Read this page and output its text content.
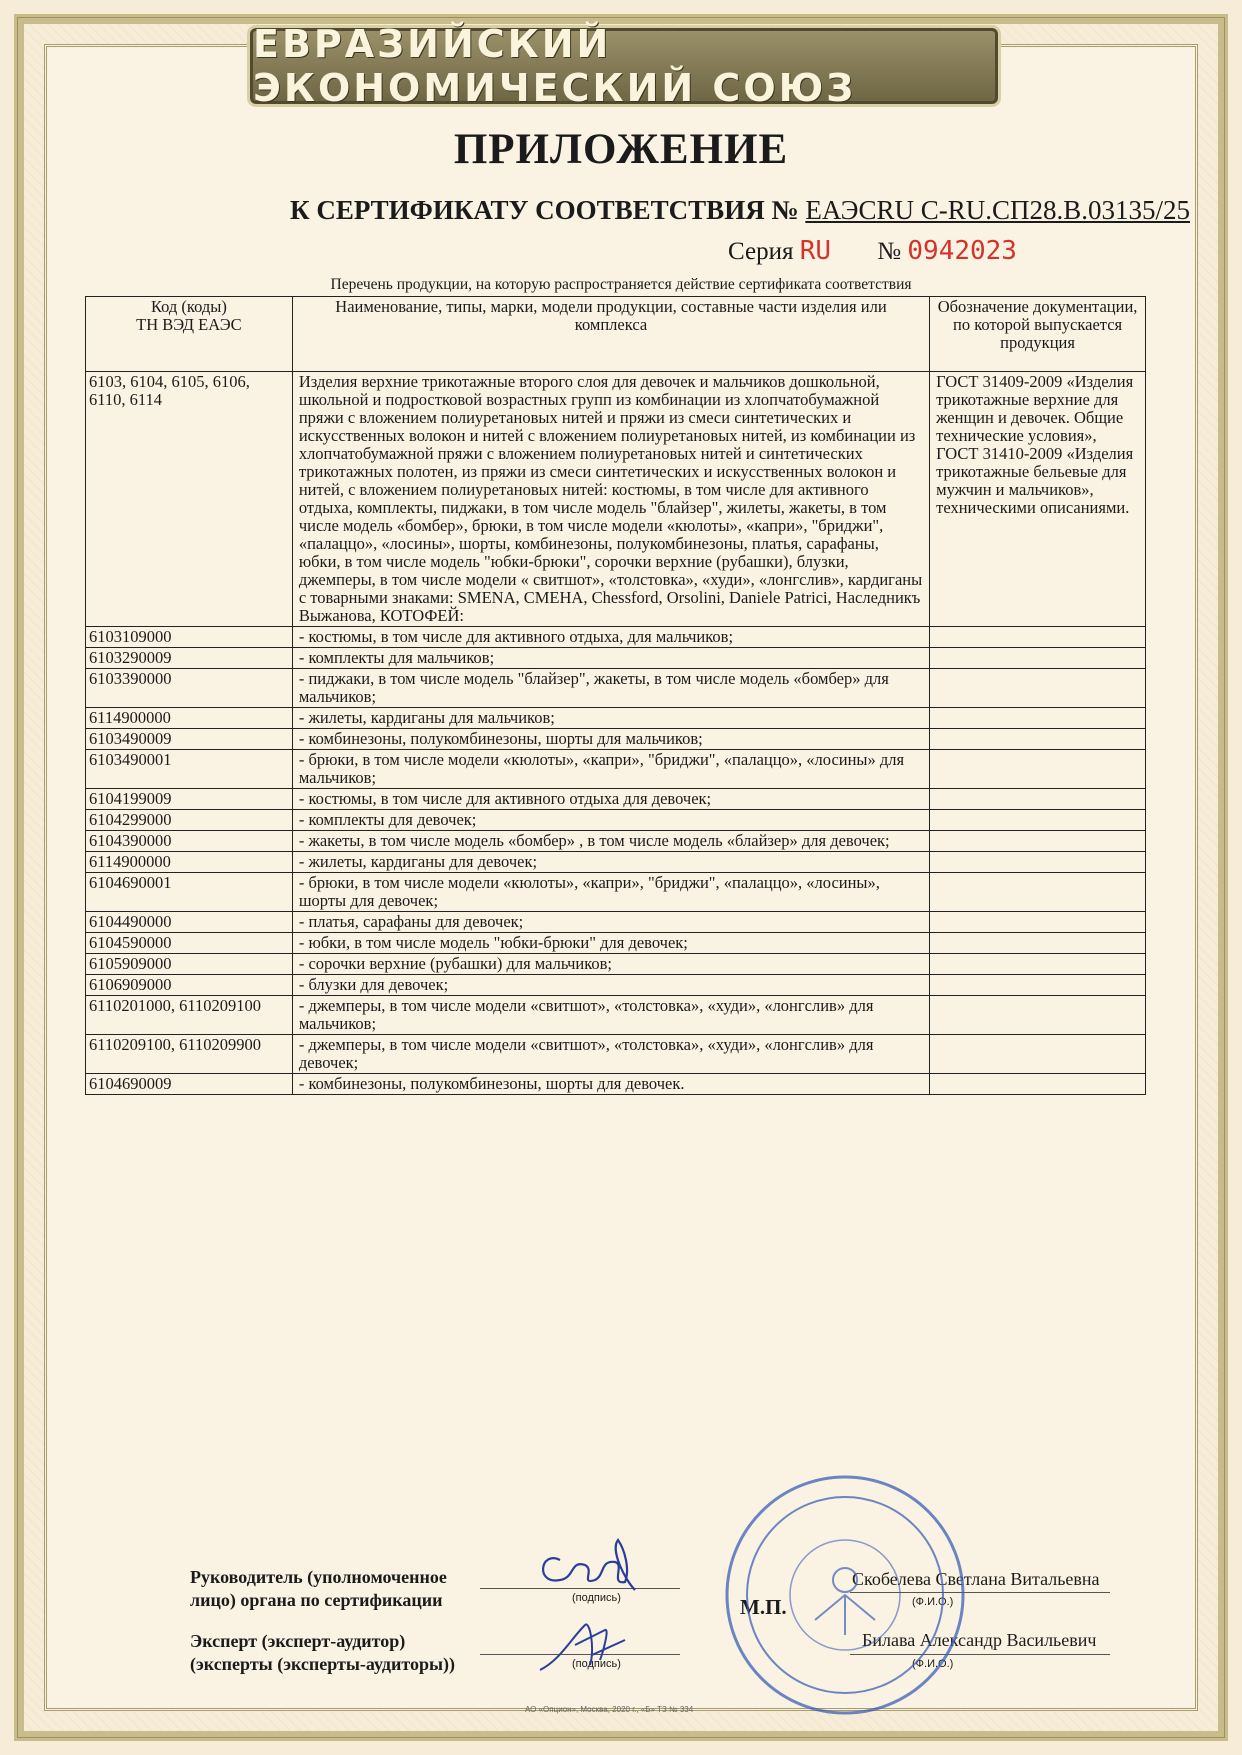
ЕВРАЗИЙСКИЙ ЭКОНОМИЧЕСКИЙ СОЮЗ
ПРИЛОЖЕНИЕ
К СЕРТИФИКАТУ СООТВЕТСТВИЯ № ЕАЭСRU C-RU.СП28.В.03135/25
Серия RU № 0942023
Перечень продукции, на которую распространяется действие сертификата соответствия
Код (коды)
ТН ВЭД ЕАЭС	Наименование, типы, марки, модели продукции, составные части изделия или комплекса	Обозначение документации, по которой выпускается продукция
6103, 6104, 6105, 6106, 6110, 6114	Изделия верхние трикотажные второго слоя для девочек и мальчиков дошкольной, школьной и подростковой возрастных групп из комбинации из хлопчатобумажной пряжи с вложением полиуретановых нитей и пряжи из смеси синтетических и искусственных волокон и нитей с вложением полиуретановых нитей, из комбинации из хлопчатобумажной пряжи с вложением полиуретановых нитей и синтетических трикотажных полотен, из пряжи из смеси синтетических и искусственных волокон и нитей, с вложением полиуретановых нитей: костюмы, в том числе для активного отдыха, комплекты, пиджаки, в том числе модель "блайзер", жилеты, жакеты, в том числе модель «бомбер», брюки, в том числе модели «кюлоты», «капри», "бриджи", «палаццо», «лосины», шорты, комбинезоны, полукомбинезоны, платья, сарафаны, юбки, в том числе модель "юбки-брюки", сорочки верхние (рубашки), блузки, джемперы, в том числе модели « свитшот», «толстовка», «худи», «лонгслив», кардиганы с товарными знаками: SMENA, СМЕНА, Chessford, Orsolini, Daniele Patrici, Наследникъ Выжанова, КОТОФЕЙ:	ГОСТ 31409-2009 «Изделия трикотажные верхние для женщин и девочек. Общие технические условия», ГОСТ 31410-2009 «Изделия трикотажные бельевые для мужчин и мальчиков», техническими описаниями.
6103109000	- костюмы, в том числе для активного отдыха, для мальчиков;	
6103290009	- комплекты для мальчиков;	
6103390000	- пиджаки, в том числе модель "блайзер", жакеты, в том числе модель «бомбер» для мальчиков;	
6114900000	- жилеты, кардиганы для мальчиков;	
6103490009	- комбинезоны, полукомбинезоны, шорты для мальчиков;	
6103490001	- брюки, в том числе модели «кюлоты», «капри», "бриджи", «палаццо», «лосины» для мальчиков;	
6104199009	- костюмы, в том числе для активного отдыха для девочек;	
6104299000	- комплекты для девочек;	
6104390000	- жакеты, в том числе модель «бомбер» , в том числе модель «блайзер» для девочек;	
6114900000	- жилеты, кардиганы для девочек;	
6104690001	- брюки, в том числе модели «кюлоты», «капри», "бриджи", «палаццо», «лосины», шорты для девочек;	
6104490000	- платья, сарафаны для девочек;	
6104590000	- юбки, в том числе модель "юбки-брюки" для девочек;	
6105909000	- сорочки верхние (рубашки) для мальчиков;	
6106909000	- блузки для девочек;	
6110201000, 6110209100	- джемперы, в том числе модели «свитшот», «толстовка», «худи», «лонгслив» для мальчиков;	
6110209100, 6110209900	- джемперы, в том числе модели «свитшот», «толстовка», «худи», «лонгслив» для девочек;	
6104690009	- комбинезоны, полукомбинезоны, шорты для девочек.	
Руководитель (уполномоченное
лицо) органа по сертификации	(подпись)
Скобелева Светлана Витальевна
(Ф.И.О.)
М.П.
Эксперт (эксперт-аудитор)
(эксперты (эксперты-аудиторы))	(подпись)
Билава Александр Васильевич
(Ф.И.О.)
АО «Опцион», Москва, 2020 г., «Б» ТЗ № 334
